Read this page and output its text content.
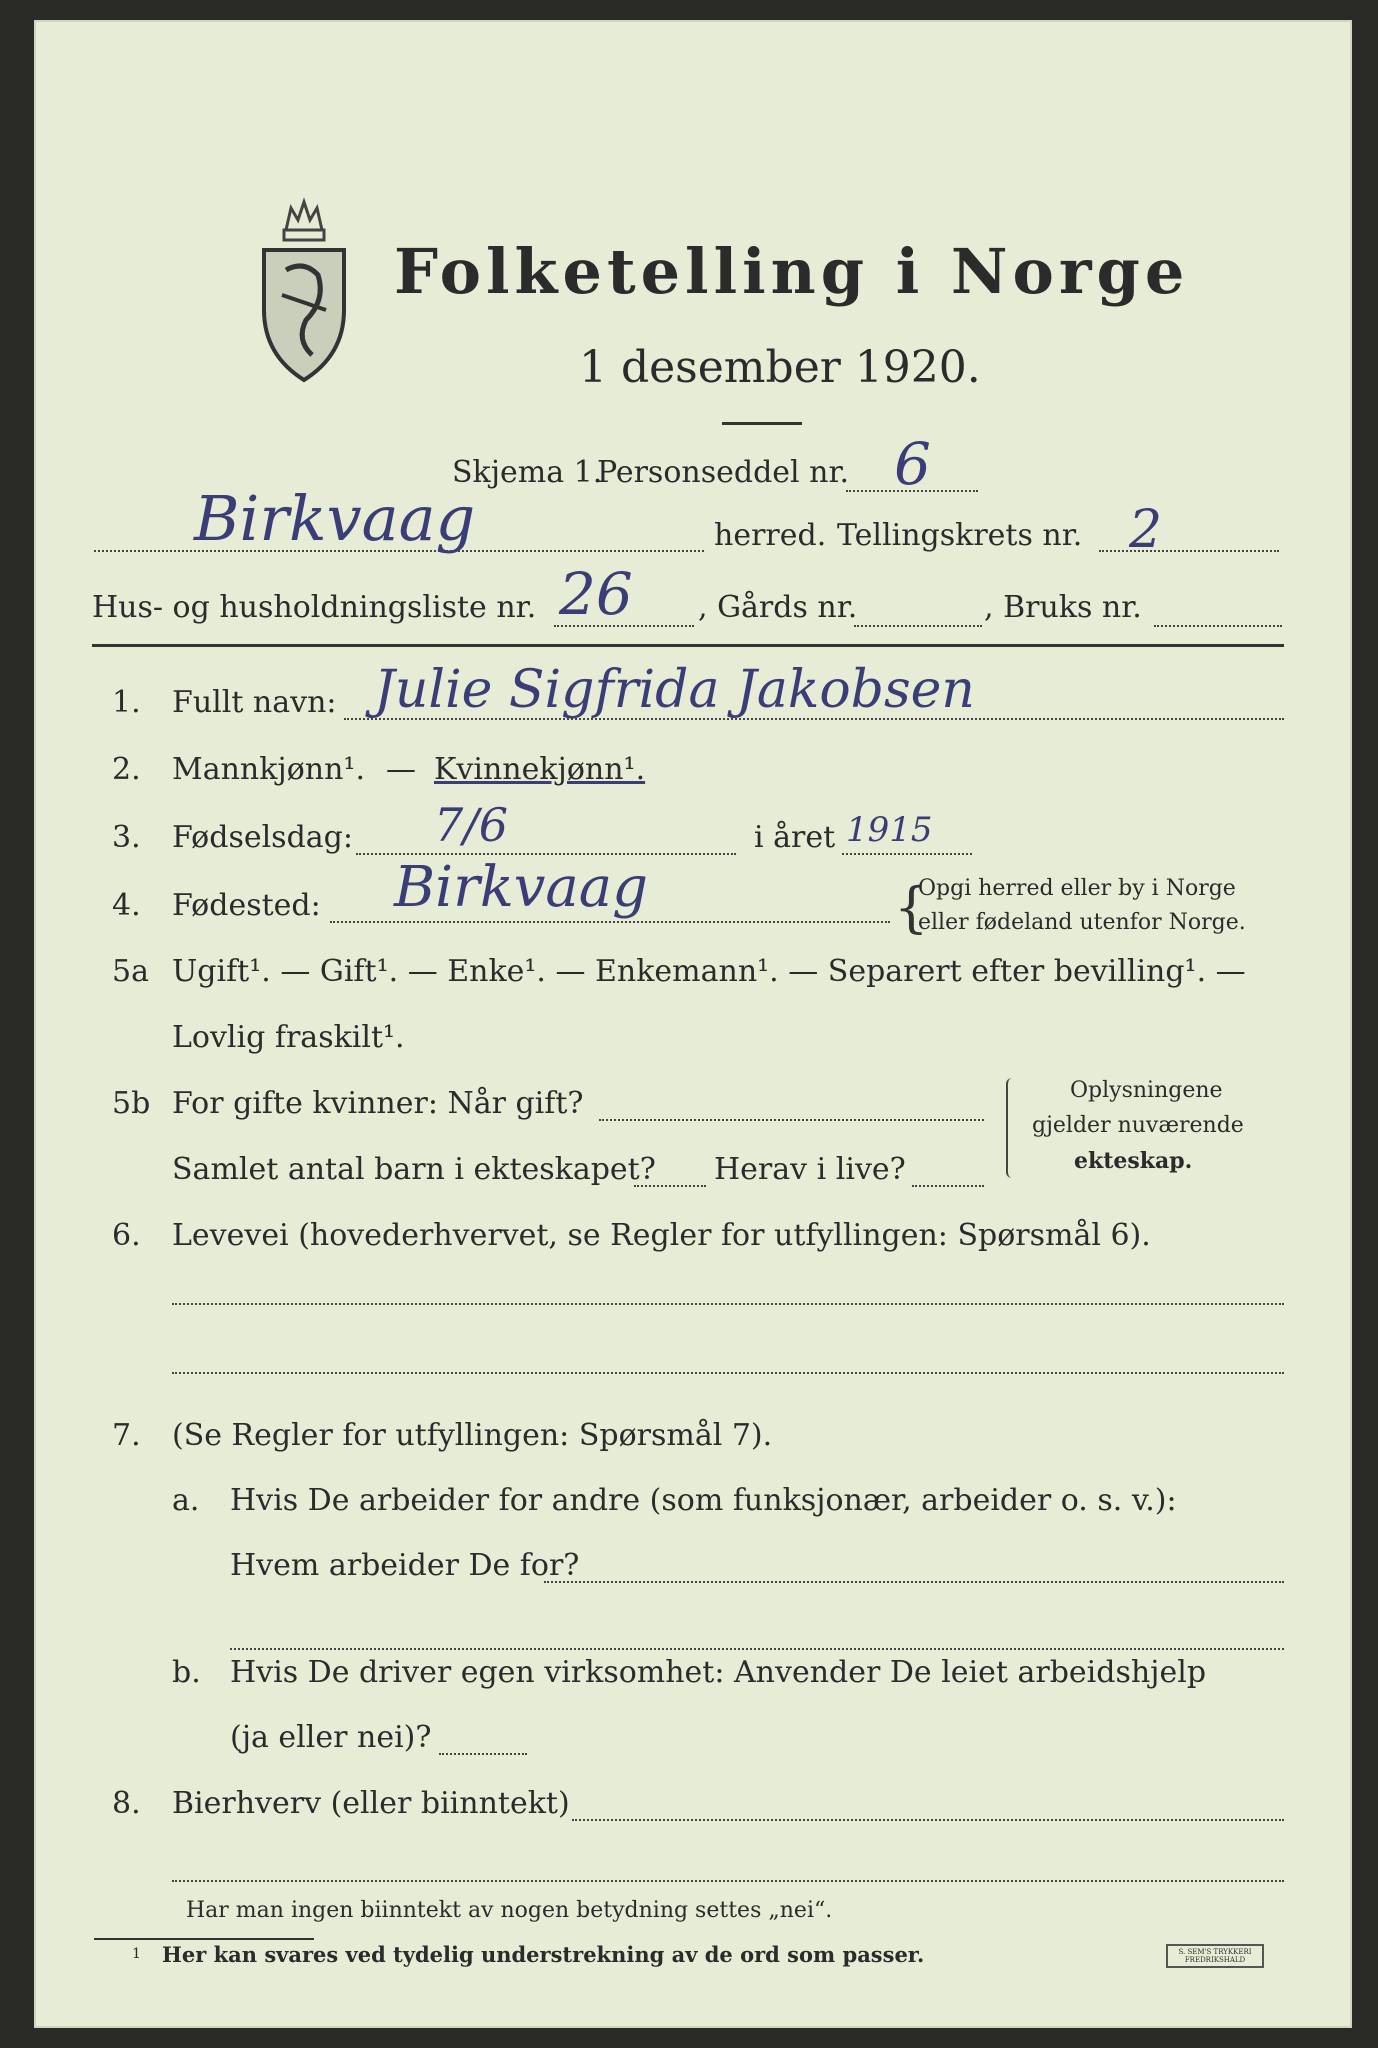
Folketelling i Norge
1 desember 1920.
Skjema 1.
Personseddel nr. 6
Birkvaag	herred. Tellingskrets nr. 2
Hus- og husholdningsliste nr. 26 , Gårds nr.	, Bruks nr.
1. Fullt navn: Julie Sigfrida Jakobsen
2. Mannkjønn¹. — Kvinnekjønn¹.
3. Fødselsdag: 7/6	i året 1915
4. Fødested: Birkvaag	{
Opgi herred eller by i Norge
eller fødeland utenfor Norge.
5a Ugift¹. — Gift¹. — Enke¹. — Enkemann¹. — Separert efter bevilling¹. —
Lovlig fraskilt¹.
5b For gifte kvinner: Når gift?
Samlet antal barn i ekteskapet? Herav i live?
Oplysningene
gjelder nuværende
ekteskap.
6. Levevei (hovederhvervet, se Regler for utfyllingen: Spørsmål 6).
7. (Se Regler for utfyllingen: Spørsmål 7).
a. Hvis De arbeider for andre (som funksjonær, arbeider o. s. v.):
Hvem arbeider De for?
b. Hvis De driver egen virksomhet: Anvender De leiet arbeidshjelp
(ja eller nei)?
8. Bierhverv (eller biinntekt)
Har man ingen biinntekt av nogen betydning settes „nei“.
1 Her kan svares ved tydelig understrekning av de ord som passer.	S. SEM'S TRYKKERI
FREDRIKSHALD
